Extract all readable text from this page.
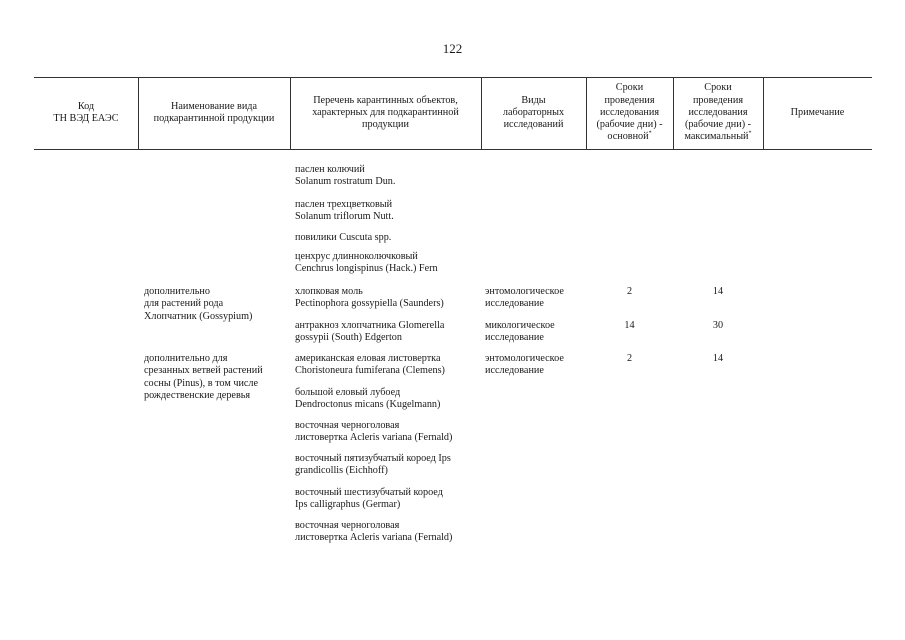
122
Код
ТН ВЭД ЕАЭС
Наименование вида
подкарантинной продукции
Перечень карантинных объектов,
характерных для подкарантинной
продукции
Виды
лабораторных
исследований
Сроки
проведения
исследования
(рабочие дни) -
основной*
Сроки
проведения
исследования
(рабочие дни) -
максимальный*
Примечание
дополнительно
для растений рода
Хлопчатник (Gossypium)
дополнительно для
срезанных ветвей растений
сосны (Pinus), в том числе
рождественские деревья
паслен колючий
Solanum rostratum Dun.
паслен трехцветковый
Solanum triflorum Nutt.
повилики Cuscuta spp.
ценхрус длинноколючковый
Cenchrus longispinus (Hack.) Fern
хлопковая моль
Pectinophora gossypiella (Saunders)
антракноз хлопчатника Glomerella
gossypii (South) Edgerton
американская еловая листовертка
Choristoneura fumiferana (Clemens)
большой еловый лубоед
Dendroctonus micans (Kugelmann)
восточная черноголовая
листовертка Acleris variana (Fernald)
восточный пятизубчатый короед Ips
grandicollis (Eichhoff)
восточный шестизубчатый короед
Ips calligraphus (Germar)
восточная черноголовая
листовертка Acleris variana (Fernald)
энтомологическое
исследование
микологическое
исследование
энтомологическое
исследование
2
14
2
14
30
14
